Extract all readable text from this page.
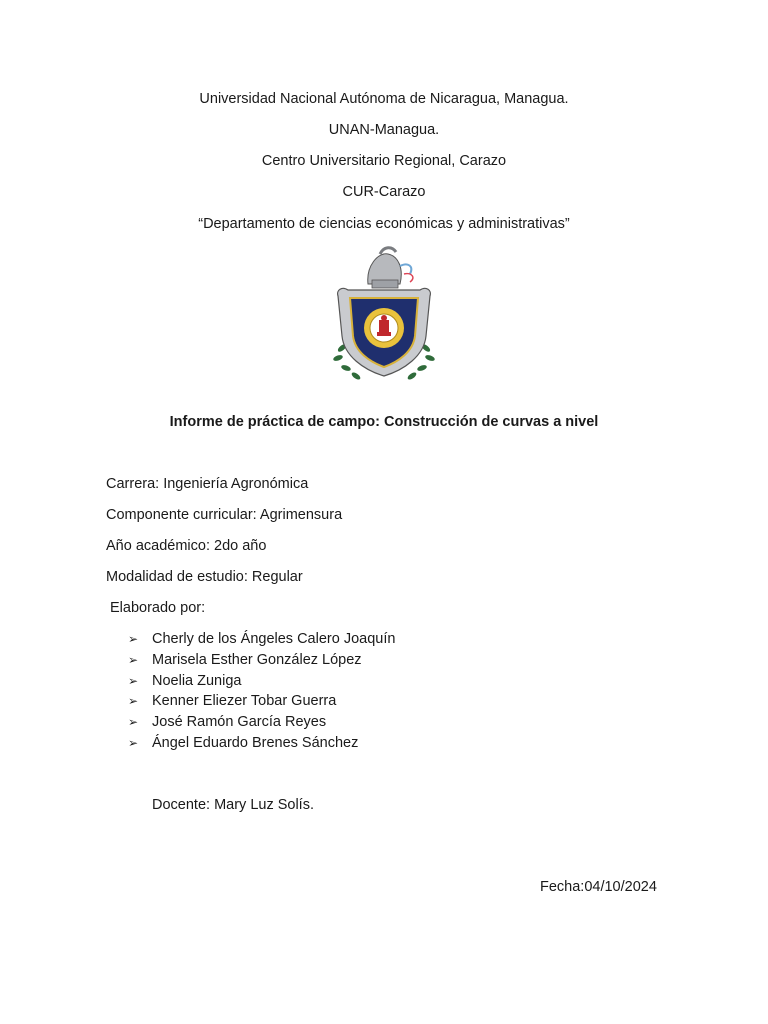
Universidad Nacional Autónoma de Nicaragua, Managua.
UNAN-Managua.
Centro Universitario Regional, Carazo
CUR-Carazo
“Departamento de ciencias económicas y administrativas”
Informe de práctica de campo: Construcción de curvas a nivel
Carrera: Ingeniería Agronómica
Componente curricular: Agrimensura
Año académico: 2do año
Modalidad de estudio: Regular
Elaborado por:
➢ Cherly de los Ángeles Calero Joaquín
➢ Marisela Esther González López
➢ Noelia Zuniga
➢ Kenner Eliezer Tobar Guerra
➢ José Ramón García Reyes
➢ Ángel Eduardo Brenes Sánchez
Docente: Mary Luz Solís.
Fecha:04/10/2024
